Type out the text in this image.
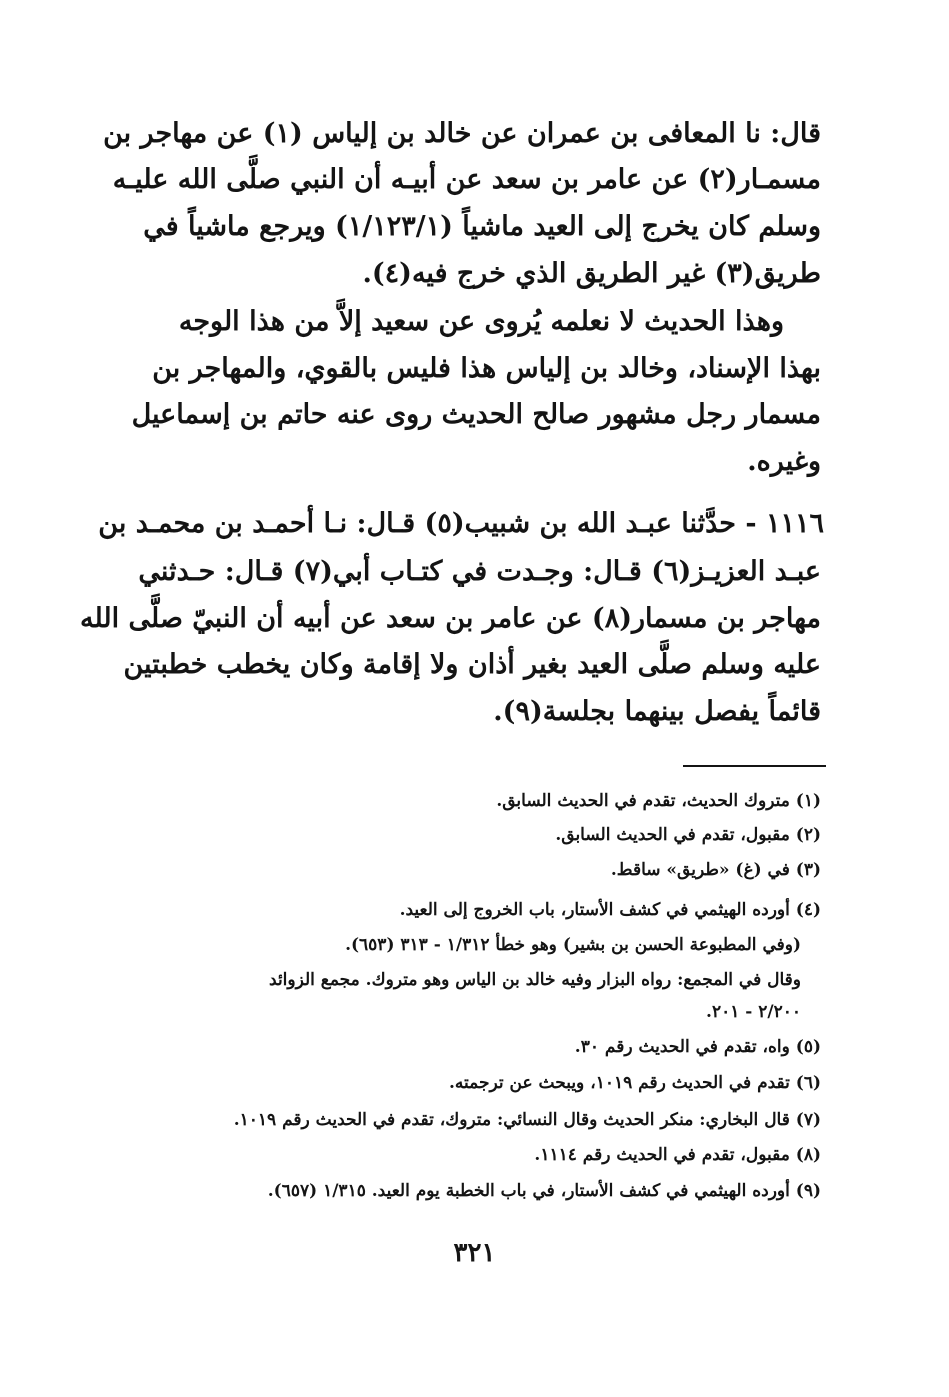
قال: نا المعافى بن عمران عن خالد بن إلياس (١) عن مهاجر بن
مسمـار(٢) عن عامر بن سعد عن أبيـه أن النبي صلَّى الله عليـه
وسلم كان يخرج إلى العيد ماشياً (١/١٢٣/١) ويرجع ماشياً في
طريق(٣) غير الطريق الذي خرج فيه(٤).
وهذا الحديث لا نعلمه يُروى عن سعيد إلاَّ من هذا الوجه
بهذا الإسناد، وخالد بن إلياس هذا فليس بالقوي، والمهاجر بن
مسمار رجل مشهور صالح الحديث روى عنه حاتم بن إسماعيل
وغيره.
١١١٦ - حدَّثنا عبـد الله بن شبيب(٥) قـال: نـا أحمـد بن محمـد بن
عبـد العزيـز(٦) قـال: وجـدت في كتـاب أبي(٧) قـال: حـدثني
مهاجر بن مسمار(٨) عن عامر بن سعد عن أبيه أن النبيّ صلَّى الله
عليه وسلم صلَّى العيد بغير أذان ولا إقامة وكان يخطب خطبتين
قائماً يفصل بينهما بجلسة(٩).
(١) متروك الحديث، تقدم في الحديث السابق.
(٢) مقبول، تقدم في الحديث السابق.
(٣) في (غ) «طريق» ساقط.
(٤) أورده الهيثمي في كشف الأستار، باب الخروج إلى العيد.
(وفي المطبوعة الحسن بن بشير) وهو خطأ ١/٣١٢ - ٣١٣ (٦٥٣).
وقال في المجمع: رواه البزار وفيه خالد بن الياس وهو متروك. مجمع الزوائد
٢/٢٠٠ - ٢٠١.
(٥) واه، تقدم في الحديث رقم ٣٠.
(٦) تقدم في الحديث رقم ١٠١٩، ويبحث عن ترجمته.
(٧) قال البخاري: منكر الحديث وقال النسائي: متروك، تقدم في الحديث رقم ١٠١٩.
(٨) مقبول، تقدم في الحديث رقم ١١١٤.
(٩) أورده الهيثمي في كشف الأستار، في باب الخطبة يوم العيد. ١/٣١٥ (٦٥٧).
٣٢١
